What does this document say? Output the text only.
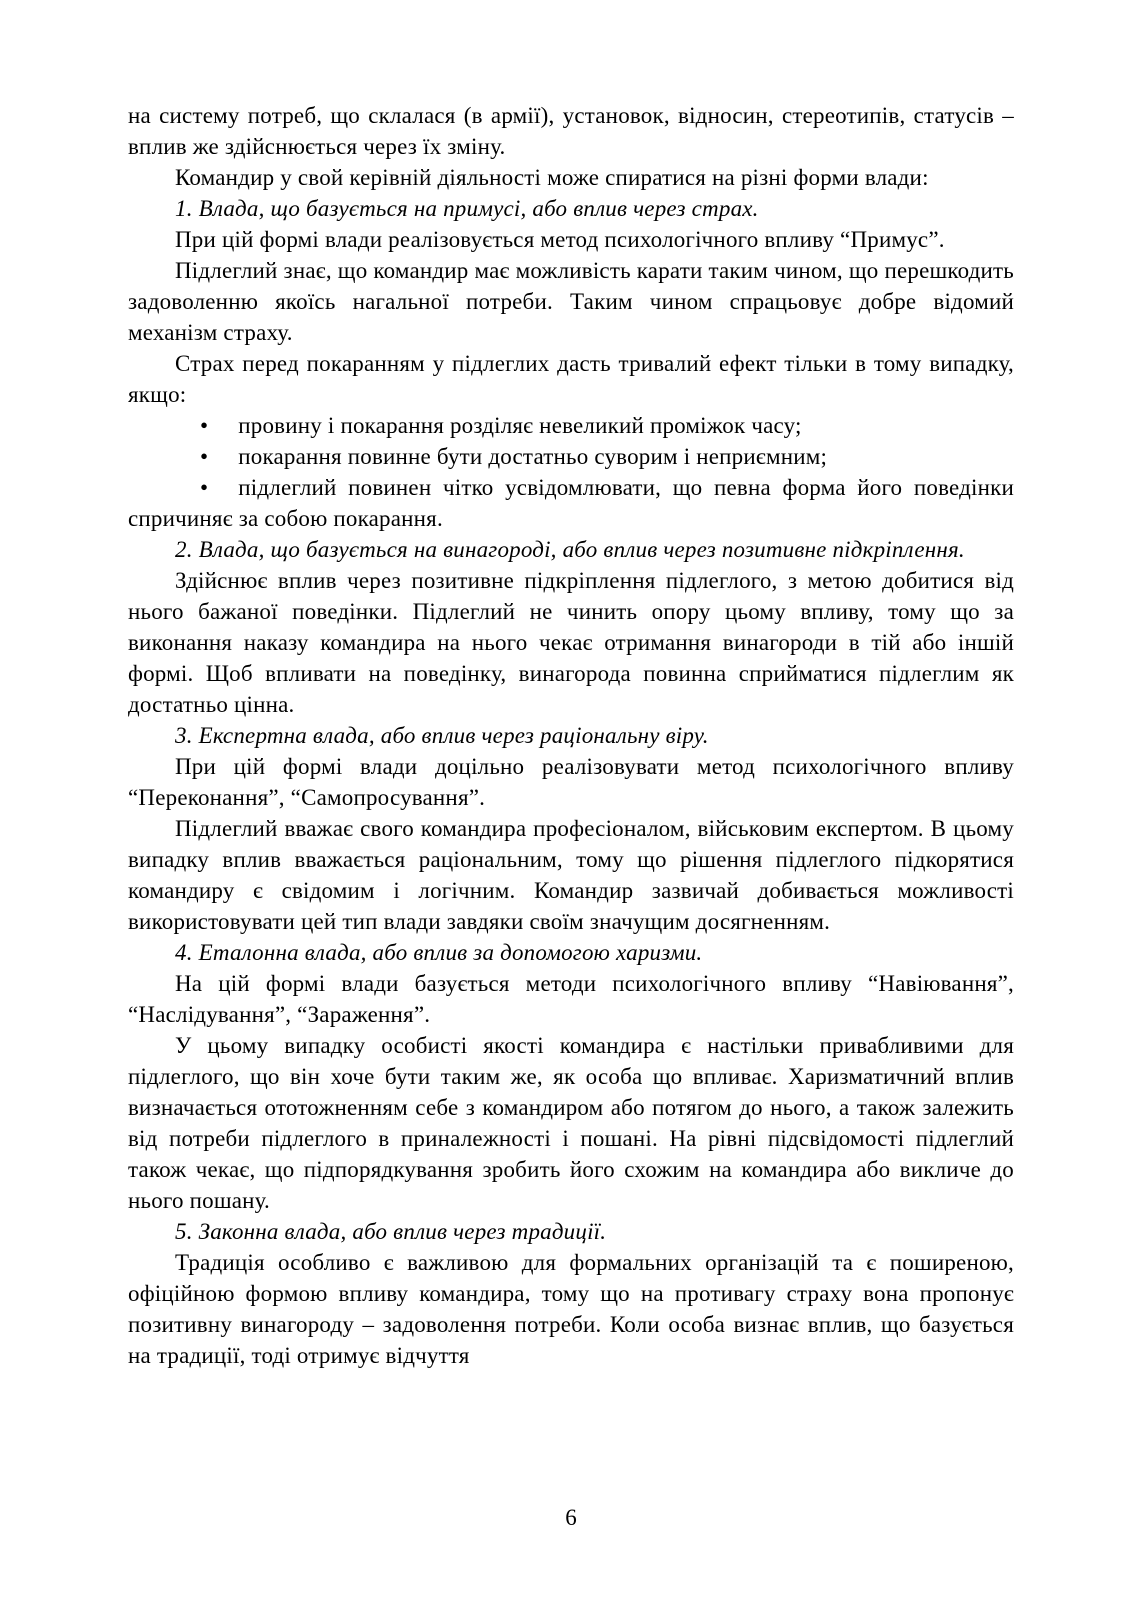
на систему потреб, що склалася (в армії), установок, відносин, стереотипів, статусів – вплив же здійснюється через їх зміну.

Командир у свой керівній діяльності може спиратися на різні форми влади:

1. Влада, що базується на примусі, або вплив через страх.

При цій формі влади реалізовується метод психологічного впливу “Примус”.

Підлеглий знає, що командир має можливість карати таким чином, що перешкодить задоволенню якоїсь нагальної потреби. Таким чином спрацьовує добре відомий механізм страху.

Страх перед покаранням у підлеглих дасть тривалий ефект тільки в тому випадку, якщо:

• провину і покарання розділяє невеликий проміжок часу;

• покарання повинне бути достатньо суворим і неприємним;

• підлеглий повинен чітко усвідомлювати, що певна форма його поведінки спричиняє за собою покарання.

2. Влада, що базується на винагороді, або вплив через позитивне підкріплення.

Здійснює вплив через позитивне підкріплення підлеглого, з метою добитися від нього бажаної поведінки. Підлеглий не чинить опору цьому впливу, тому що за виконання наказу командира на нього чекає отримання винагороди в тій або іншій формі. Щоб впливати на поведінку, винагорода повинна сприйматися підлеглим як достатньо цінна.

3. Експертна влада, або вплив через раціональну віру.

При цій формі влади доцільно реалізовувати метод психологічного впливу “Переконання”, “Самопросування”.

Підлеглий вважає свого командира професіоналом, військовим експертом. В цьому випадку вплив вважається раціональним, тому що рішення підлеглого підкорятися командиру є свідомим і логічним. Командир зазвичай добивається можливості використовувати цей тип влади завдяки своїм значущим досягненням.

4. Еталонна влада, або вплив за допомогою харизми.

На цій формі влади базується методи психологічного впливу “Навіювання”, “Наслідування”, “Зараження”.

У цьому випадку особисті якості командира є настільки привабливими для підлеглого, що він хоче бути таким же, як особа що впливає. Харизматичний вплив визначається ототожненням себе з командиром або потягом до нього, а також залежить від потреби підлеглого в приналежності і пошані. На рівні підсвідомості підлеглий також чекає, що підпорядкування зробить його схожим на командира або викличе до нього пошану.

5. Законна влада, або вплив через традиції.

Традиція особливо є важливою для формальних організацій та є поширеною, офіційною формою впливу командира, тому що на противагу страху вона пропонує позитивну винагороду – задоволення потреби. Коли особа визнає вплив, що базується на традиції, тоді отримує відчуття

6
